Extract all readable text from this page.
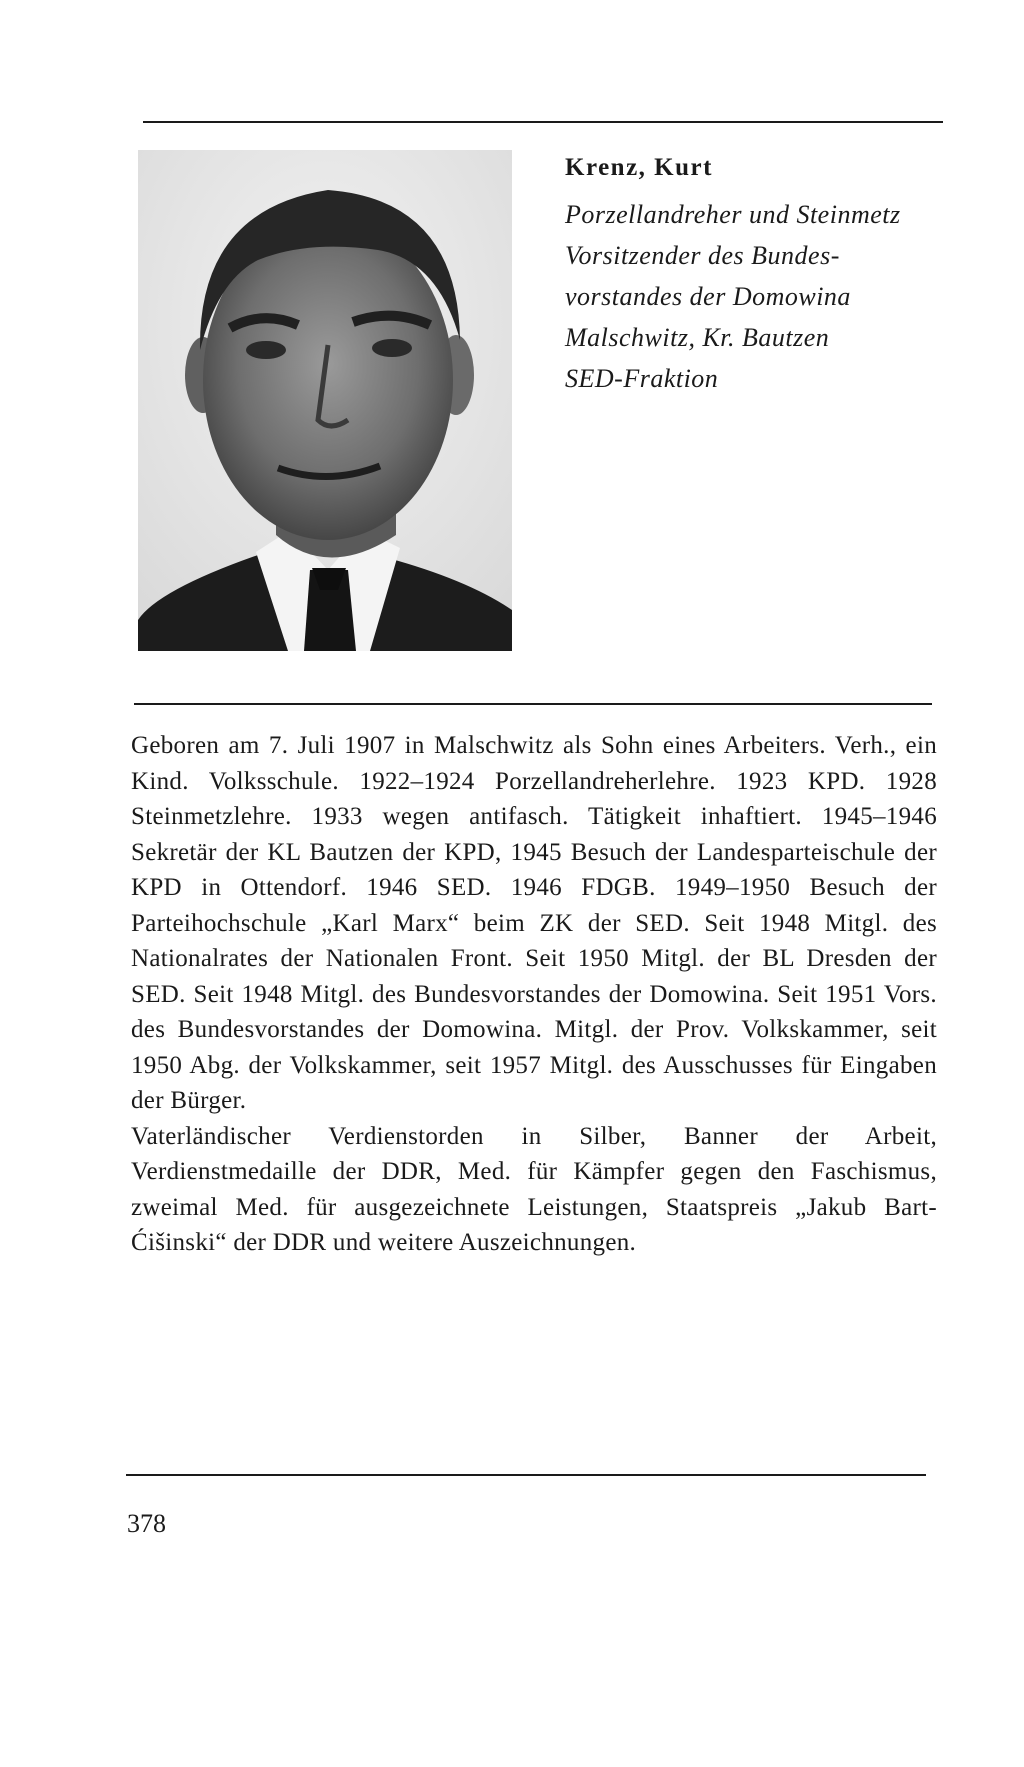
Krenz, Kurt
Porzellandreher und Steinmetz
Vorsitzender des Bundes-
vorstandes der Domowina
Malschwitz, Kr. Bautzen
SED-Fraktion

Geboren am 7. Juli 1907 in Malschwitz als Sohn eines Arbeiters. Verh., ein Kind. Volksschule. 1922–1924 Porzellandreherlehre. 1923 KPD. 1928 Steinmetzlehre. 1933 wegen antifasch. Tätigkeit inhaftiert. 1945–1946 Sekretär der KL Bautzen der KPD, 1945 Besuch der Landesparteischule der KPD in Ottendorf. 1946 SED. 1946 FDGB. 1949–1950 Besuch der Parteihochschule „Karl Marx“ beim ZK der SED. Seit 1948 Mitgl. des Nationalrates der Nationalen Front. Seit 1950 Mitgl. der BL Dresden der SED. Seit 1948 Mitgl. des Bundesvorstandes der Domowina. Seit 1951 Vors. des Bundesvorstandes der Domowina. Mitgl. der Prov. Volkskammer, seit 1950 Abg. der Volkskammer, seit 1957 Mitgl. des Ausschusses für Eingaben der Bürger.

Vaterländischer Verdienstorden in Silber, Banner der Arbeit, Verdienstmedaille der DDR, Med. für Kämpfer gegen den Faschismus, zweimal Med. für ausgezeichnete Leistungen, Staatspreis „Jakub Bart-Ćišinski“ der DDR und weitere Auszeichnungen.

378
